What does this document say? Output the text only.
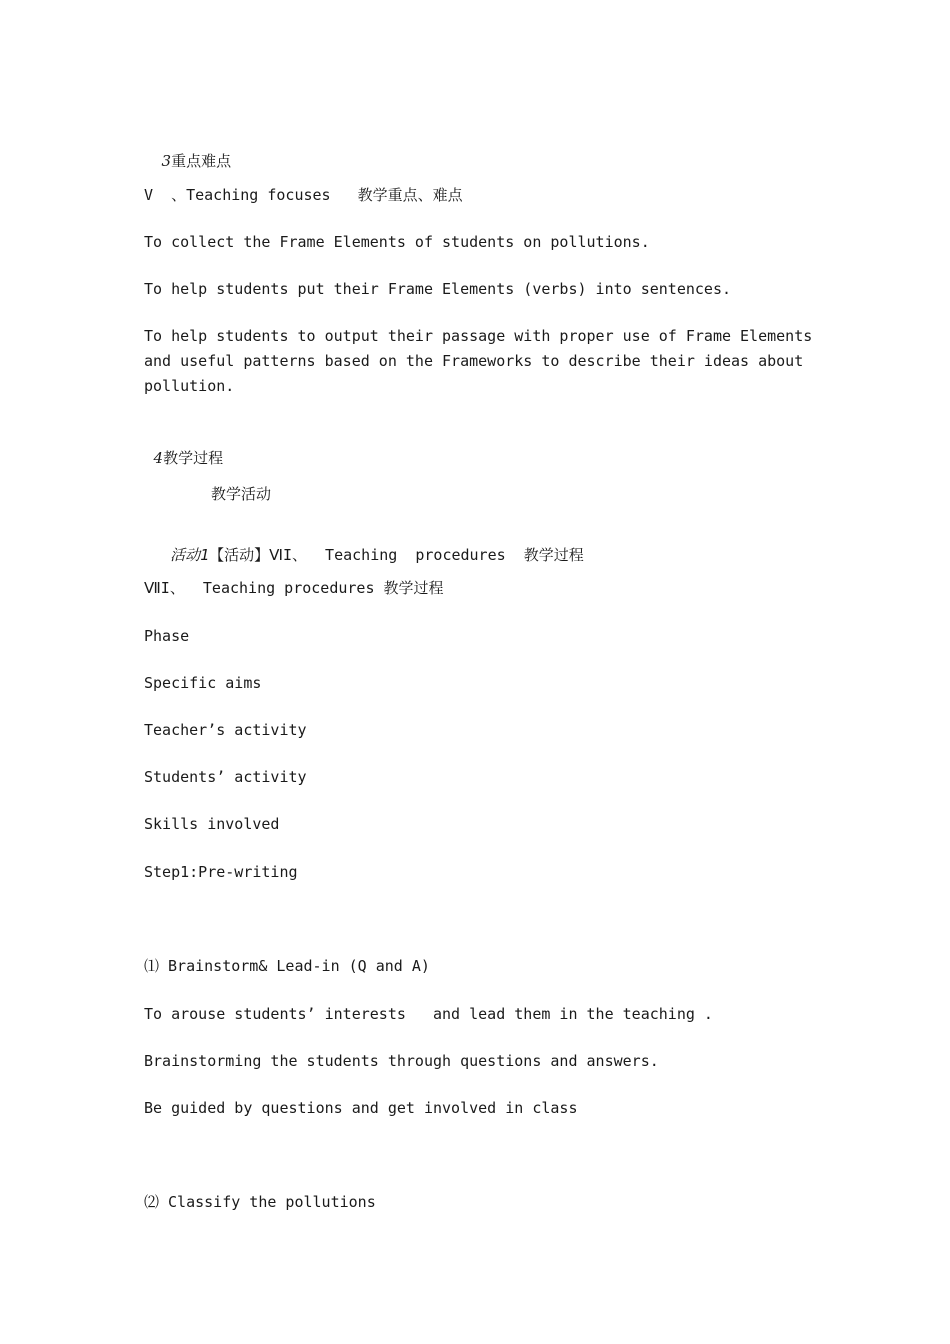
3重点难点

V  、Teaching focuses   教学重点、难点
To collect the Frame Elements of students on pollutions.
To help students put their Frame Elements (verbs) into sentences.
To help students to output their passage with proper use of Frame Elements and useful patterns based on the Frameworks to describe their ideas about pollution.

4教学过程

教学活动

活动1【活动】ⅥI、  Teaching  procedures  教学过程

ⅦI、  Teaching procedures 教学过程
Phase
Specific aims
Teacher’s activity
Students’ activity
Skills involved
Step1:Pre-writing
⑴ Brainstorm& Lead-in (Q and A)
To arouse students’ interests   and lead them in the teaching .
Brainstorming the students through questions and answers.
Be guided by questions and get involved in class
⑵ Classify the pollutions
